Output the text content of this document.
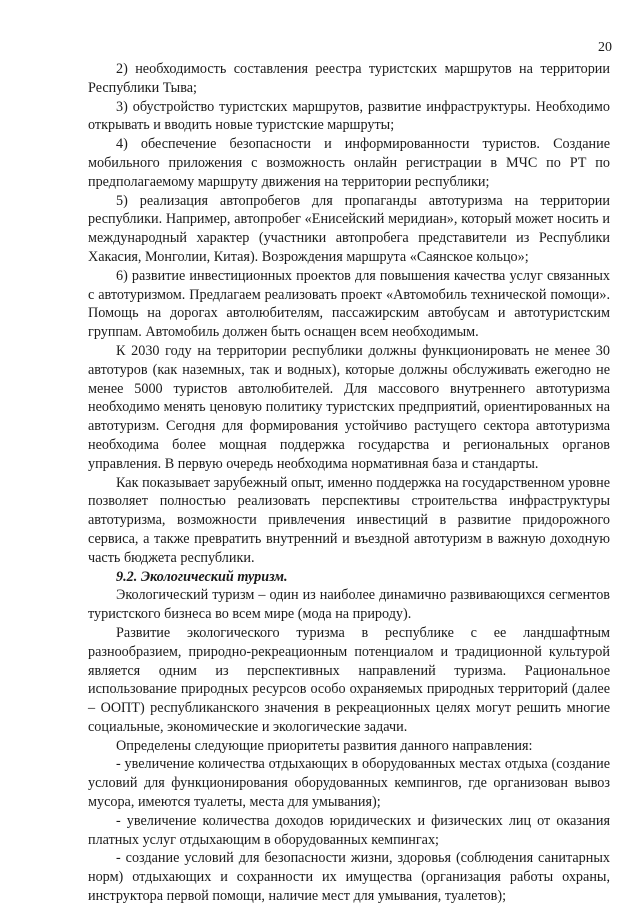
20

2) необходимость составления реестра туристских маршрутов на территории Республики Тыва;

3) обустройство туристских маршрутов, развитие инфраструктуры. Необходимо открывать и вводить новые туристские маршруты;

4) обеспечение безопасности и информированности туристов. Создание мобильного приложения с возможность онлайн регистрации в МЧС по РТ по предполагаемому маршруту движения на территории республики;

5) реализация автопробегов для пропаганды автотуризма на территории республики. Например, автопробег «Енисейский меридиан», который может носить и международный характер (участники автопробега представители из Республики Хакасия, Монголии, Китая). Возрождения маршрута «Саянское кольцо»;

6) развитие инвестиционных проектов для повышения качества услуг связанных с автотуризмом. Предлагаем реализовать проект «Автомобиль технической помощи». Помощь на дорогах автолюбителям, пассажирским автобусам и автотуристским группам. Автомобиль должен быть оснащен всем необходимым.

К 2030 году на территории республики должны функционировать не менее 30 автотуров (как наземных, так и водных), которые должны обслуживать ежегодно не менее 5000 туристов автолюбителей. Для массового внутреннего автотуризма необходимо менять ценовую политику туристских предприятий, ориентированных на автотуризм. Сегодня для формирования устойчиво растущего сектора автотуризма необходима более мощная поддержка государства и региональных органов управления. В первую очередь необходима нормативная база и стандарты.

Как показывает зарубежный опыт, именно поддержка на государственном уровне позволяет полностью реализовать перспективы строительства инфраструктуры автотуризма, возможности привлечения инвестиций в развитие придорожного сервиса, а также превратить внутренний и въездной автотуризм в важную доходную часть бюджета республики.

9.2. Экологический туризм.

Экологический туризм – один из наиболее динамично развивающихся сегментов туристского бизнеса во всем мире (мода на природу).

Развитие экологического туризма в республике с ее ландшафтным разнообразием, природно-рекреационным потенциалом и традиционной культурой является одним из перспективных направлений туризма. Рациональное использование природных ресурсов особо охраняемых природных территорий (далее – ООПТ) республиканского значения в рекреационных целях могут решить многие социальные, экономические и экологические задачи.

Определены следующие приоритеты развития данного направления:

- увеличение количества отдыхающих в оборудованных местах отдыха (создание условий для функционирования оборудованных кемпингов, где организован вывоз мусора, имеются туалеты, места для умывания);

- увеличение количества доходов юридических и физических лиц от оказания платных услуг отдыхающим в оборудованных кемпингах;

- создание условий для безопасности жизни, здоровья (соблюдения санитарных норм) отдыхающих и сохранности их имущества (организация работы охраны, инструктора первой помощи, наличие мест для умывания, туалетов);
